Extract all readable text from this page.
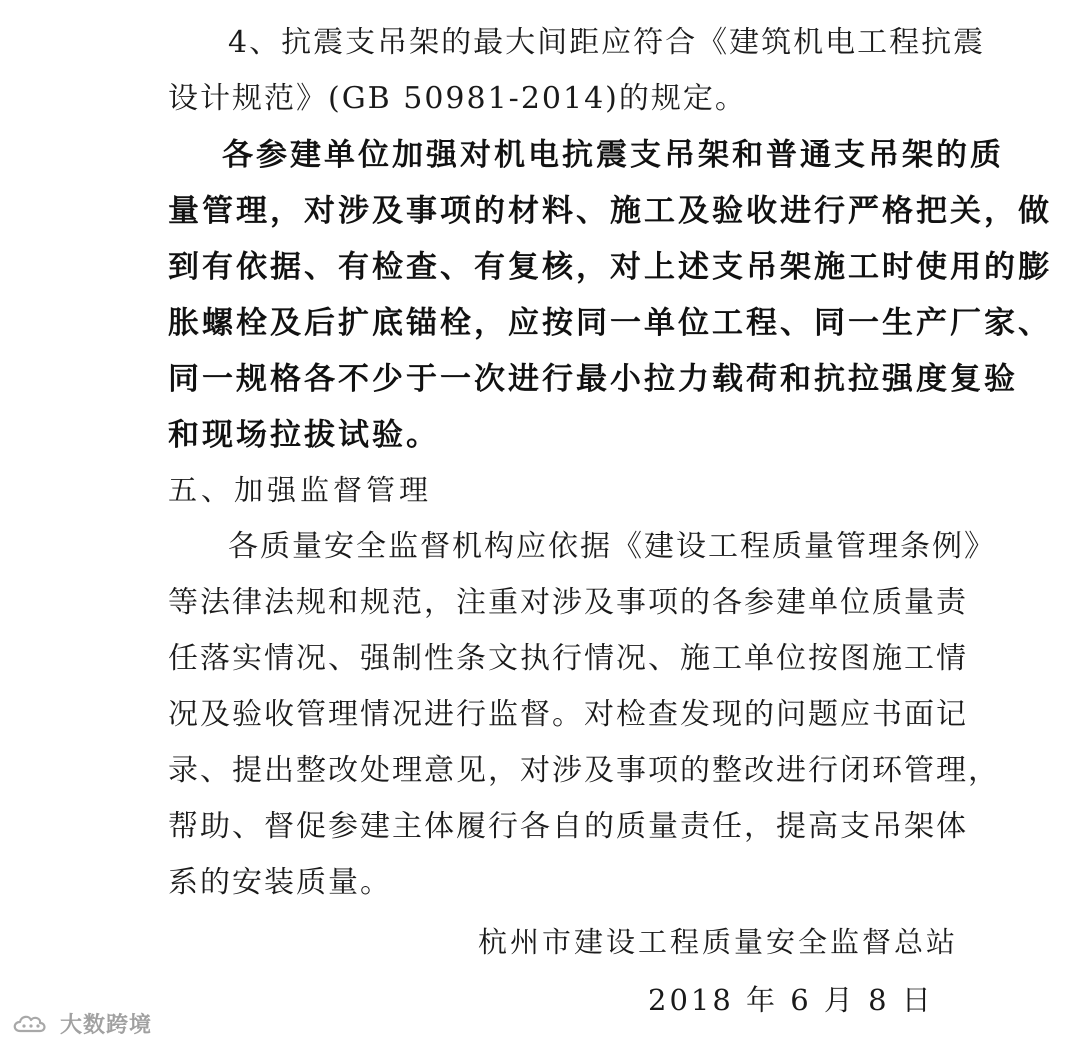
4、抗震支吊架的最大间距应符合《建筑机电工程抗震
设计规范》(GB 50981-2014)的规定。
各参建单位加强对机电抗震支吊架和普通支吊架的质
量管理，对涉及事项的材料、施工及验收进行严格把关，做
到有依据、有检查、有复核，对上述支吊架施工时使用的膨
胀螺栓及后扩底锚栓，应按同一单位工程、同一生产厂家、
同一规格各不少于一次进行最小拉力载荷和抗拉强度复验
和现场拉拔试验。
五、加强监督管理
各质量安全监督机构应依据《建设工程质量管理条例》
等法律法规和规范，注重对涉及事项的各参建单位质量责
任落实情况、强制性条文执行情况、施工单位按图施工情
况及验收管理情况进行监督。对检查发现的问题应书面记
录、提出整改处理意见，对涉及事项的整改进行闭环管理，
帮助、督促参建主体履行各自的质量责任，提高支吊架体
系的安装质量。
杭州市建设工程质量安全监督总站
2018 年 6 月 8 日
大数跨境
